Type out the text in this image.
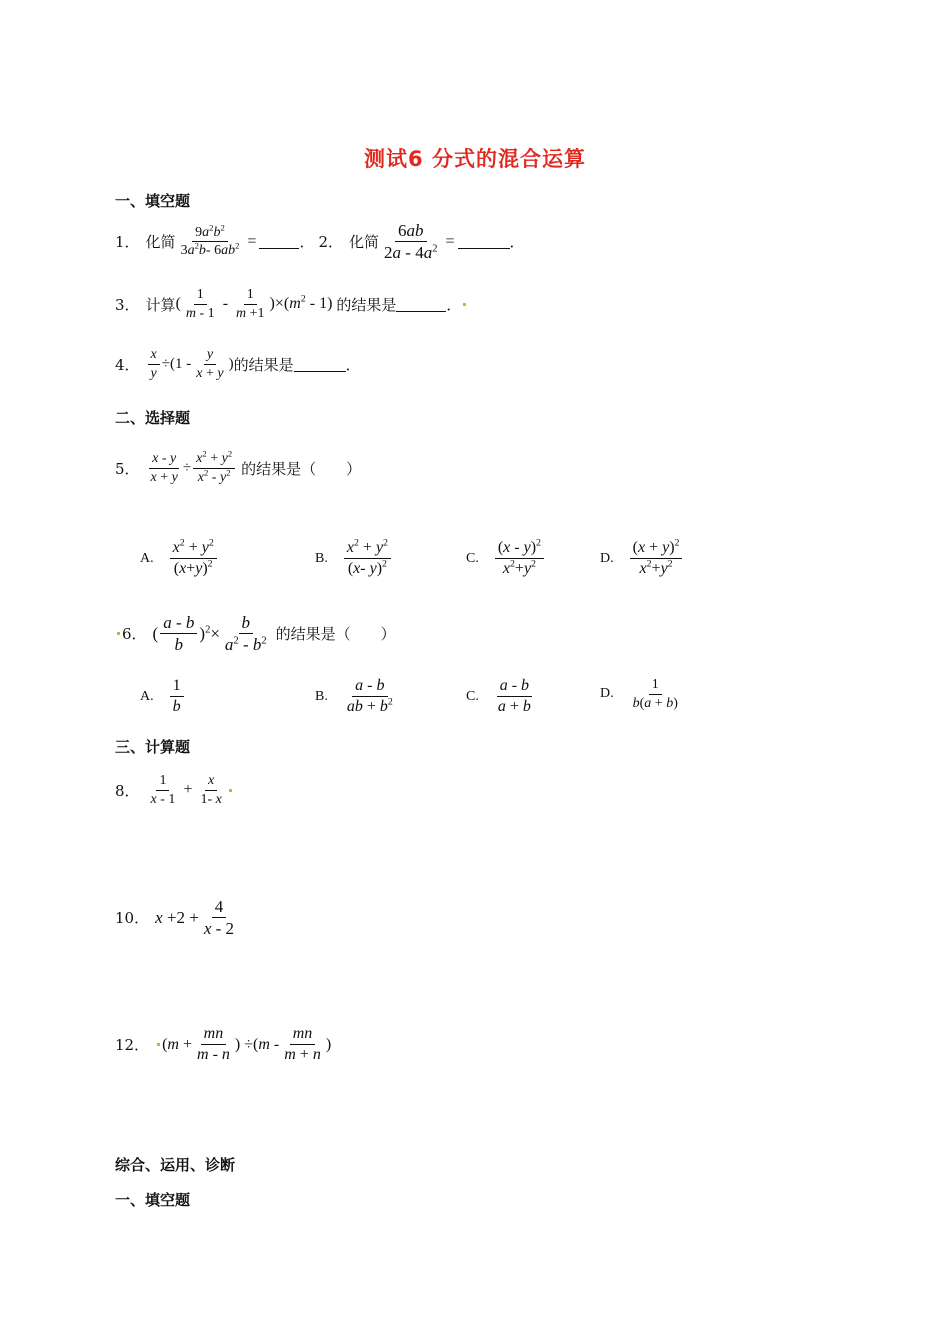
测试6 分式的混合运算
一、填空题
1． 化简 $\frac{9a^2b^2}{3a^2b- 6ab^2}$ =	． 2． 化简 $\frac{6ab}{2a - 4a^2}$ =	．
3． 计算 ( $\frac{1}{m - 1} - \frac{1}{m +1} )\times(m^2 - 1)$ 的结果是	．
4． $\frac{x}{y} \div(1 - \frac{y}{x + y}$ ) 的结果是	．
二、选择题
5． $\frac{x - y}{x + y} \div \frac{x^2 + y^2}{x^2 - y^2}$ 的结果是（　　）
A. $\frac{x^2 + y^2}{(x+y)^2}$	B. $\frac{x^2 + y^2}{(x- y)^2}$	C. $\frac{(x - y)^2}{x^2+y^2}$	D. $\frac{(x + y)^2}{x^2+y^2}$
6． ( $\frac{a - b}{b} )^2\times \frac{b}{a^2 - b^2}$ 的结果是（　　）
A. $\frac{1}{b}$	B. $\frac{a - b}{ab + b^2}$	C. $\frac{a - b}{a + b}$	D. $\frac{1}{b(a + b)}$
三、计算题
8． $\frac{1}{x - 1} + \frac{x}{1- x}$
10． $x +2 + \frac{4}{x - 2}$
12． ($m + \frac{mn}{m - n}$ ) $\div(m - \frac{mn}{m + n}$ )
综合、运用、诊断
一、填空题
